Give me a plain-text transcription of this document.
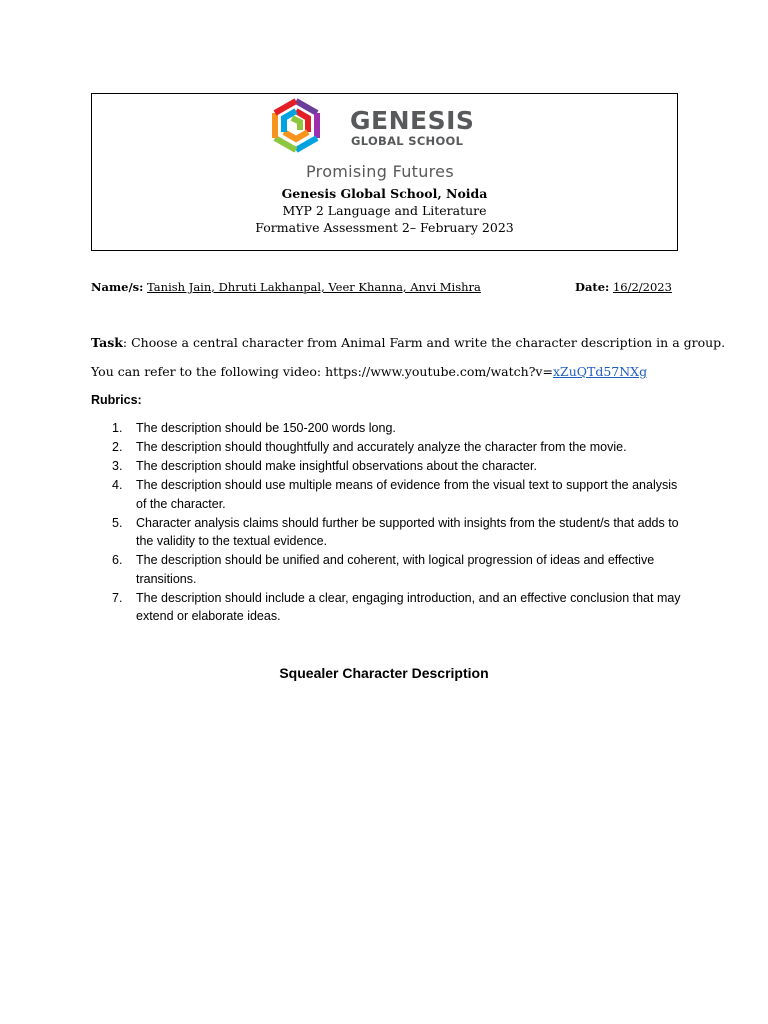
GENESIS
GLOBAL SCHOOL
Promising Futures
Genesis Global School, Noida
MYP 2 Language and Literature
Formative Assessment 2– February 2023
Name/s: Tanish Jain, Dhruti Lakhanpal, Veer Khanna, Anvi Mishra	Date: 16/2/2023
Task: Choose a central character from Animal Farm and write the character description in a group.
You can refer to the following video: https://www.youtube.com/watch?v=xZuQTd57NXg
Rubrics:
1. The description should be 150-200 words long.
2. The description should thoughtfully and accurately analyze the character from the movie.
3. The description should make insightful observations about the character.
4. The description should use multiple means of evidence from the visual text to support the analysis of the character.
5. Character analysis claims should further be supported with insights from the student/s that adds to the validity to the textual evidence.
6. The description should be unified and coherent, with logical progression of ideas and effective transitions.
7. The description should include a clear, engaging introduction, and an effective conclusion that may extend or elaborate ideas.
Squealer Character Description
